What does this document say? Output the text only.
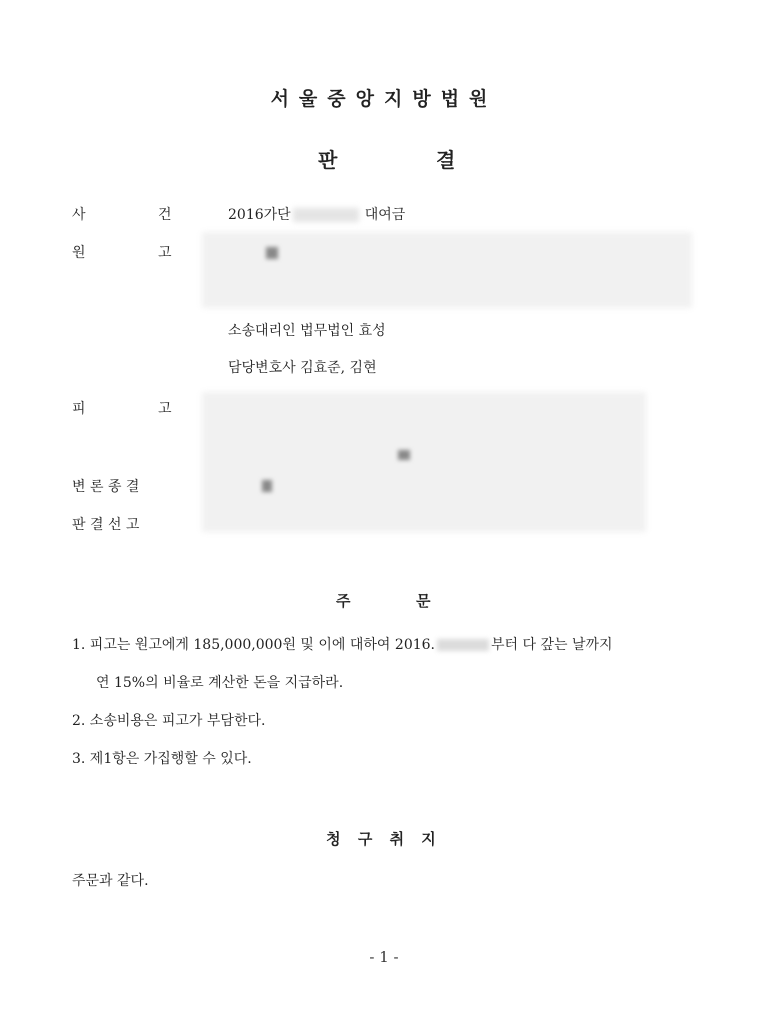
서울중앙지방법원
판	결
사	건	2016가단	대여금
원	고
소송대리인 법무법인 효성
담당변호사 김효준, 김현
피	고
변 론 종 결
판 결 선 고
주	문
1. 피고는 원고에게 185,000,000원 및 이에 대하여 2016.	부터 다 갚는 날까지
연 15%의 비율로 계산한 돈을 지급하라.
2. 소송비용은 피고가 부담한다.
3. 제1항은 가집행할 수 있다.
청 구 취 지
주문과 같다.
- 1 -
